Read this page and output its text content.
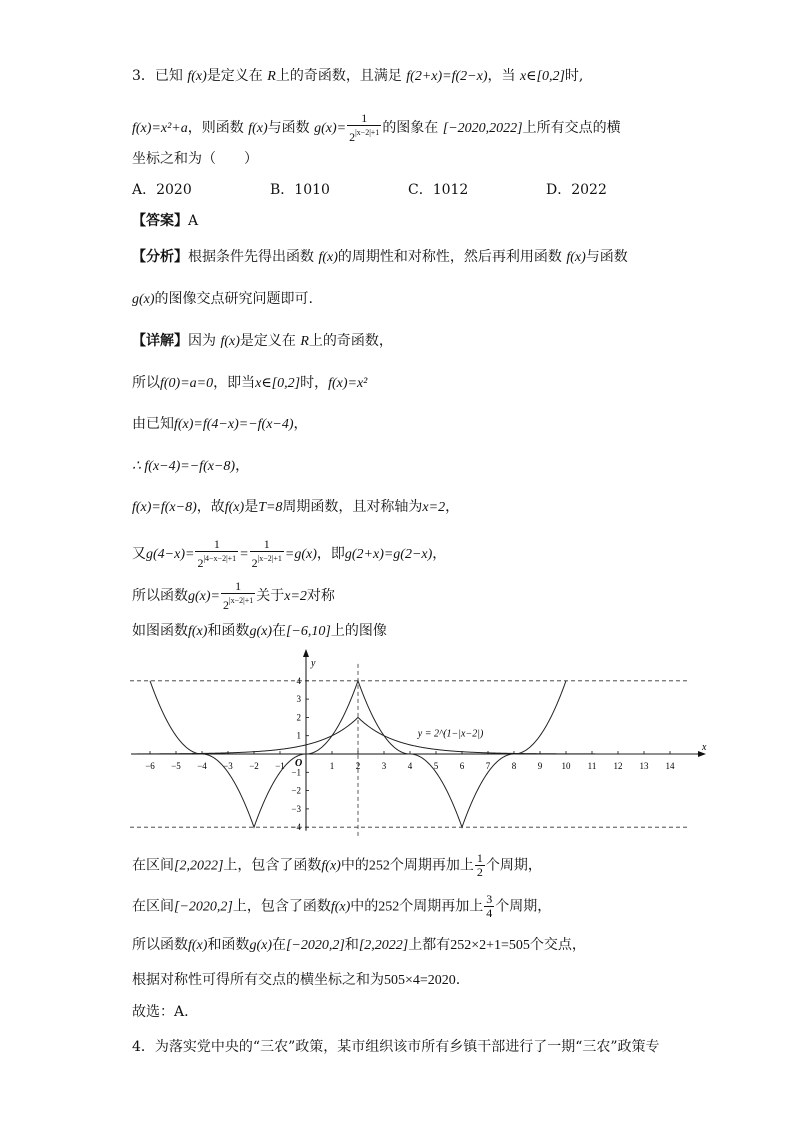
3．已知 f(x)是定义在 R上的奇函数，且满足 f(2+x)=f(2−x)，当 x∈[0,2]时,
f(x)=x²+a，则函数 f(x)与函数 $g(x)= \frac{1}{2^{|x-2|+1}}$ 的图象在 [−2020,2022]上所有交点的横
坐标之和为（　　）
A．2020	B．1010	C．1012	D．2022
【答案】A
【分析】根据条件先得出函数 f(x)的周期性和对称性，然后再利用函数 f(x)与函数
g(x)的图像交点研究问题即可.
【详解】因为 f(x)是定义在 R上的奇函数，
所以f(0)=a=0，即当x∈[0,2]时，f(x)=x²
由已知f(x)=f(4−x)=−f(x−4)，
∴ f(x−4)=−f(x−8)，
f(x)=f(x−8)，故f(x)是T=8周期函数，且对称轴为x=2，
又$g(4-x)= \frac{1}{2^{|4-x-2|+1}} = \frac{1}{2^{|x-2|+1}} =g(x)$，即g(2+x)=g(2−x)，
所以函数$g(x)= \frac{1}{2^{|x-2|+1}}$ 关于x=2对称
如图函数f(x)和函数g(x)在[−6,10]上的图像
x
y
O
y = 2^(1−|x−2|)
−6 −5 −4 −3 −2 −1	1 2 3 4 5 6 7 8 9 10 11 12 13 14
4
3
2
1
−1
−2
−3
−4
在区间[2,2022]上，包含了函数f(x)中的252个周期再加上 $\frac{1}{2}$ 个周期，
在区间[−2020,2]上，包含了函数f(x)中的252个周期再加上 $\frac{3}{4}$ 个周期，
所以函数f(x)和函数g(x)在[−2020,2]和[2,2022]上都有252×2+1=505个交点，
根据对称性可得所有交点的横坐标之和为505×4=2020.
故选：A.
4．为落实党中央的“三农”政策，某市组织该市所有乡镇干部进行了一期“三农”政策专
